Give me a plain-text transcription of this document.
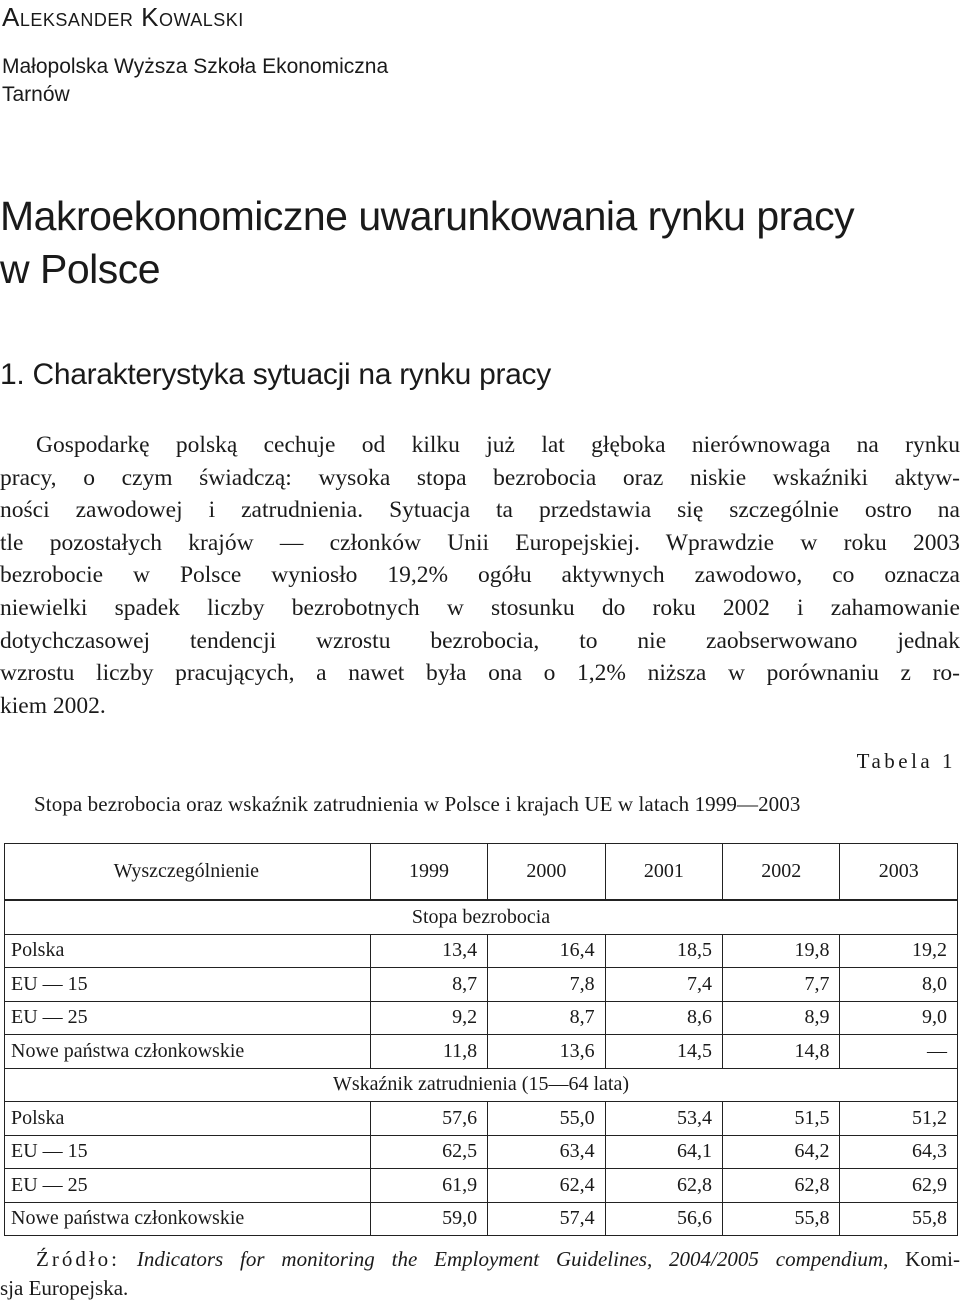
Aleksander Kowalski
Małopolska Wyższa Szkoła Ekonomiczna
Tarnów
Makroekonomiczne uwarunkowania rynku pracy
w Polsce
1. Charakterystyka sytuacji na rynku pracy
Gospodarkę polską cechuje od kilku już lat głęboka nierównowaga na rynku
pracy, o czym świadczą: wysoka stopa bezrobocia oraz niskie wskaźniki aktyw-
ności zawodowej i zatrudnienia. Sytuacja ta przedstawia się szczególnie ostro na
tle pozostałych krajów — członków Unii Europejskiej. Wprawdzie w roku 2003
bezrobocie w Polsce wyniosło 19,2% ogółu aktywnych zawodowo, co oznacza
niewielki spadek liczby bezrobotnych w stosunku do roku 2002 i zahamowanie
dotychczasowej tendencji wzrostu bezrobocia, to nie zaobserwowano jednak
wzrostu liczby pracujących, a nawet była ona o 1,2% niższa w porównaniu z ro-
kiem 2002.
Tabela 1
Stopa bezrobocia oraz wskaźnik zatrudnienia w Polsce i krajach UE w latach 1999—2003
Wyszczególnienie	1999	2000	2001	2002	2003
Stopa bezrobocia					
Polska	13,4	16,4	18,5	19,8	19,2
EU — 15	8,7	7,8	7,4	7,7	8,0
EU — 25	9,2	8,7	8,6	8,9	9,0
Nowe państwa członkowskie	11,8	13,6	14,5	14,8	—
Wskaźnik zatrudnienia (15—64 lata)					
Polska	57,6	55,0	53,4	51,5	51,2
EU — 15	62,5	63,4	64,1	64,2	64,3
EU — 25	61,9	62,4	62,8	62,8	62,9
Nowe państwa członkowskie	59,0	57,4	56,6	55,8	55,8
Źródło: Indicators for monitoring the Employment Guidelines, 2004/2005 compendium, Komi-
sja Europejska.
